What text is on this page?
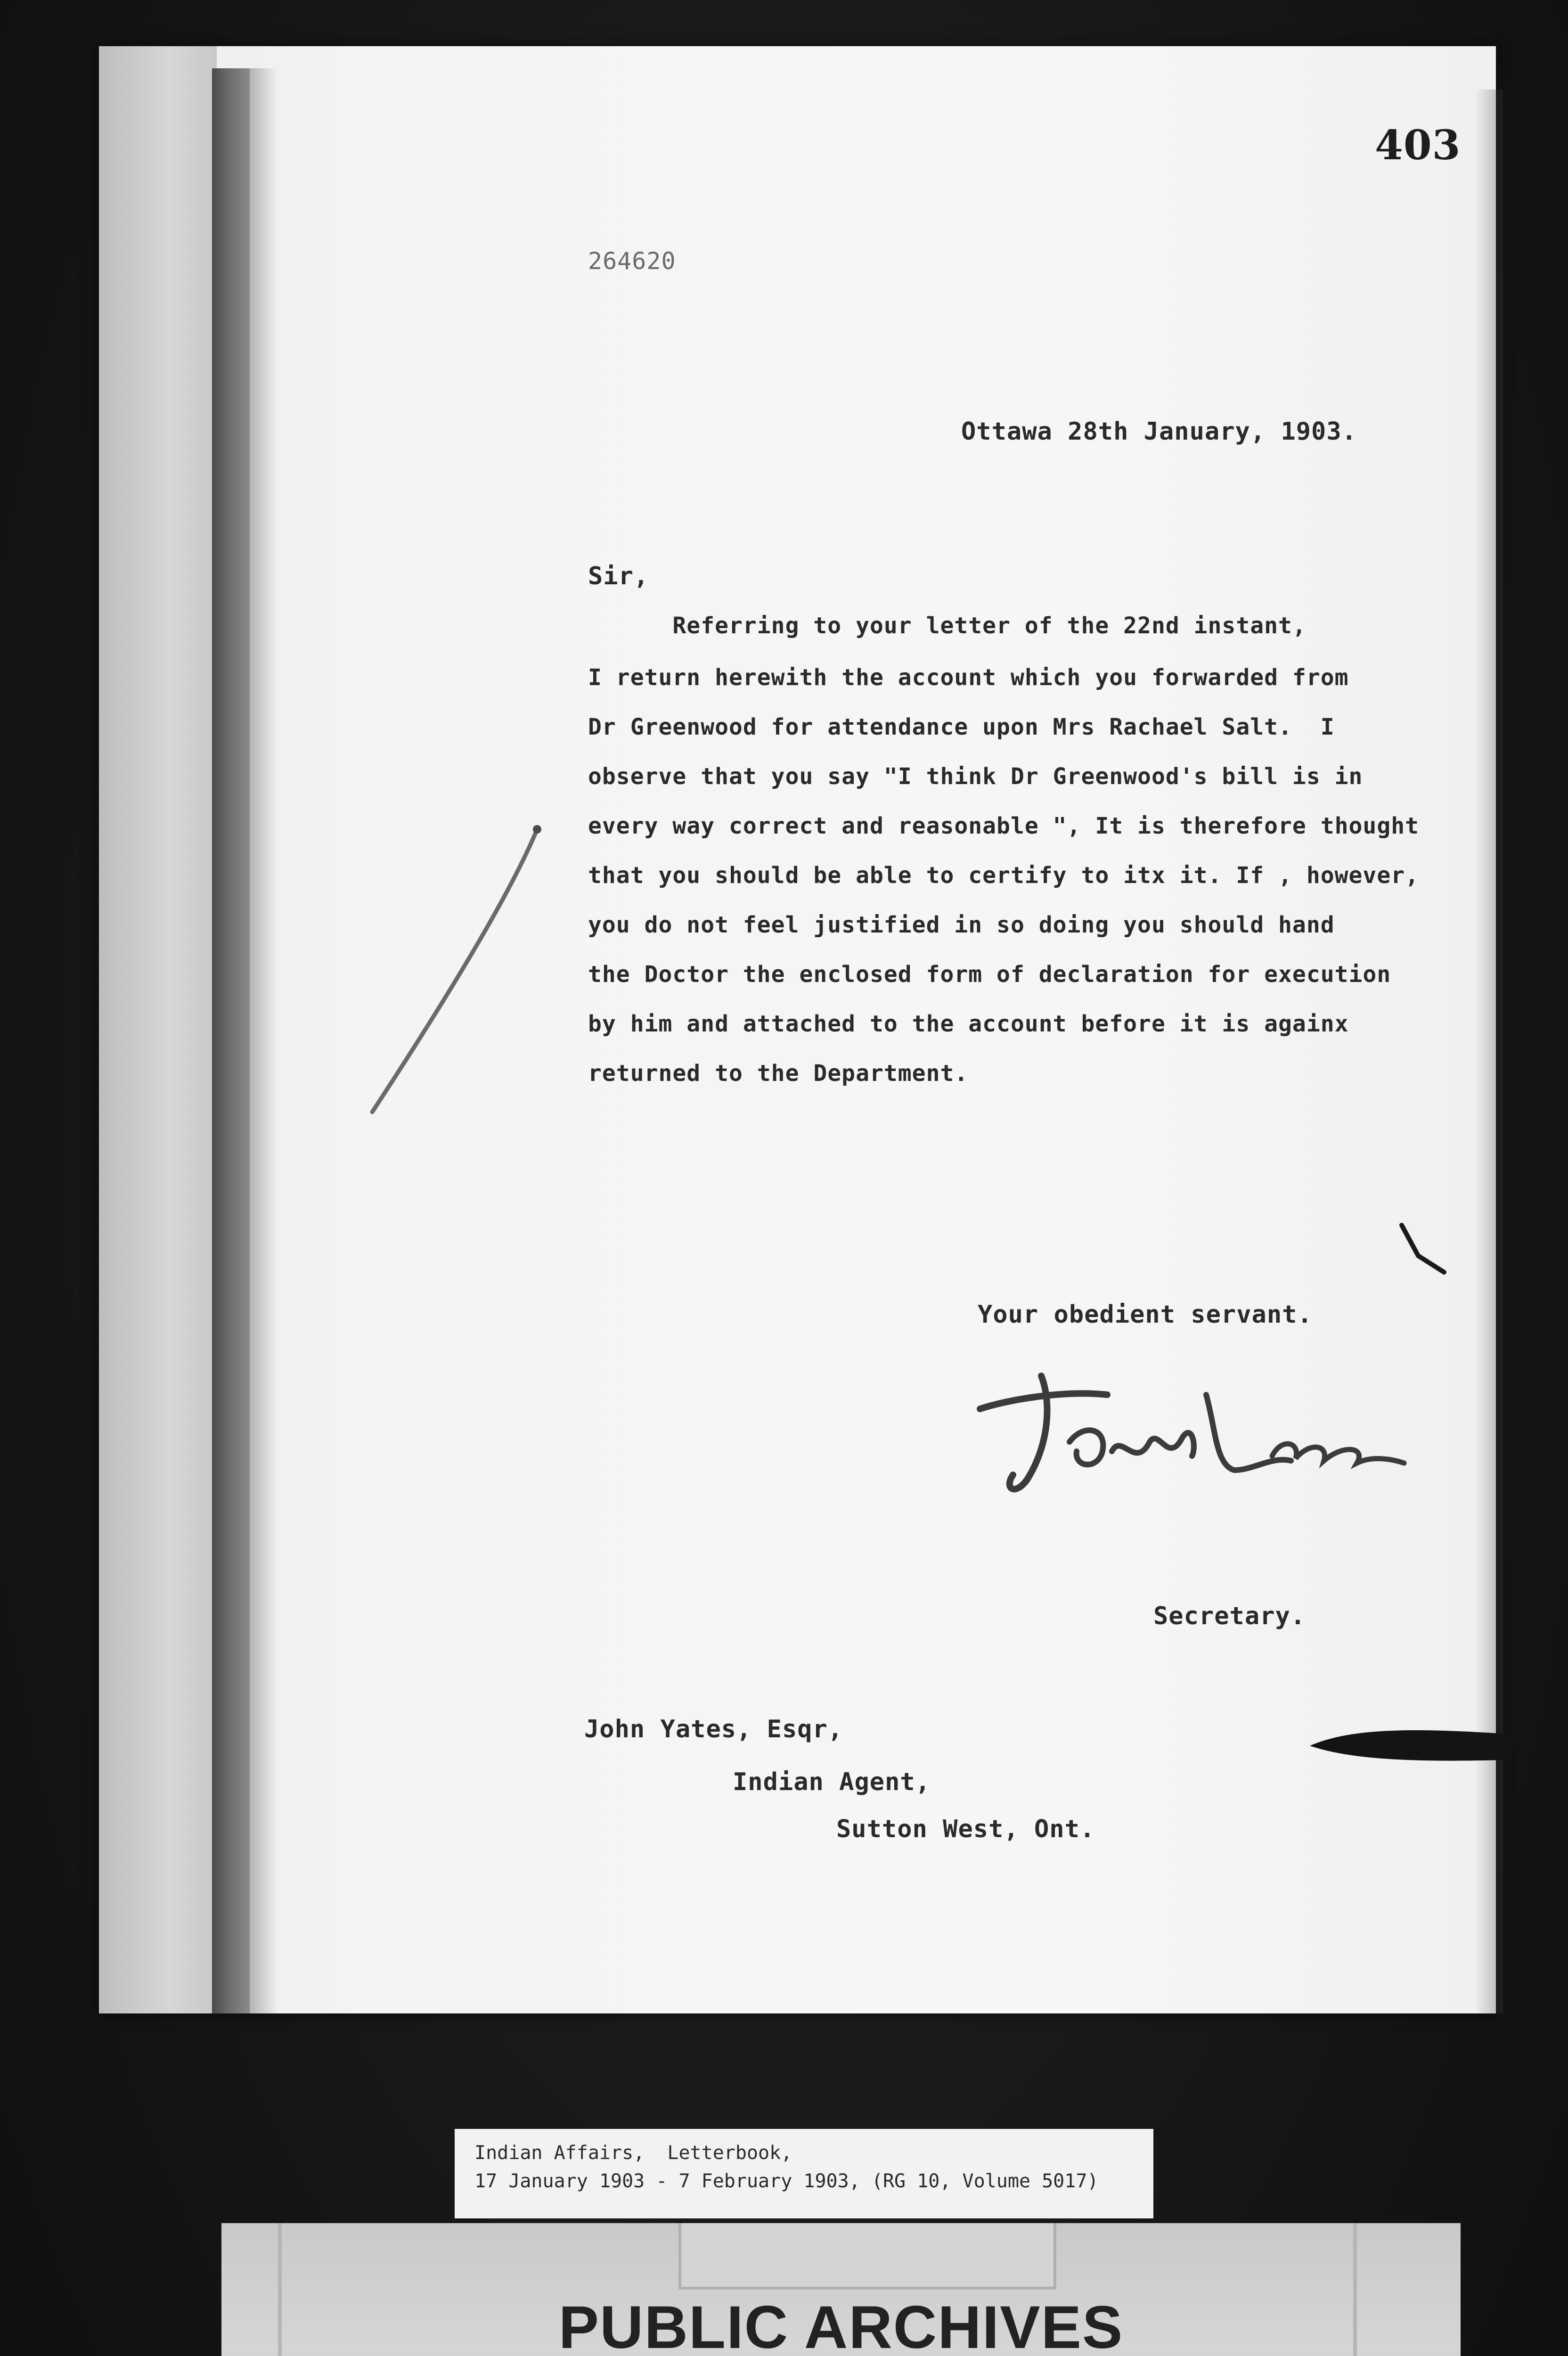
403
264620
Ottawa 28th January, 1903.
Sir,
Referring to your letter of the 22nd instant,
I return herewith the account which you forwarded from
Dr Greenwood for attendance upon Mrs Rachael Salt.  I
observe that you say "I think Dr Greenwood's bill is in
every way correct and reasonable ", It is therefore thought
that you should be able to certify to itx it. If , however,
you do not feel justified in so doing you should hand
the Doctor the enclosed form of declaration for execution
by him and attached to the account before it is againx
returned to the Department.
Your obedient servant.
Secretary.
John Yates, Esqr,
Indian Agent,
Sutton West, Ont.
Indian Affairs,  Letterbook,
17 January 1903 - 7 February 1903, (RG 10, Volume 5017)
PUBLIC ARCHIVES
